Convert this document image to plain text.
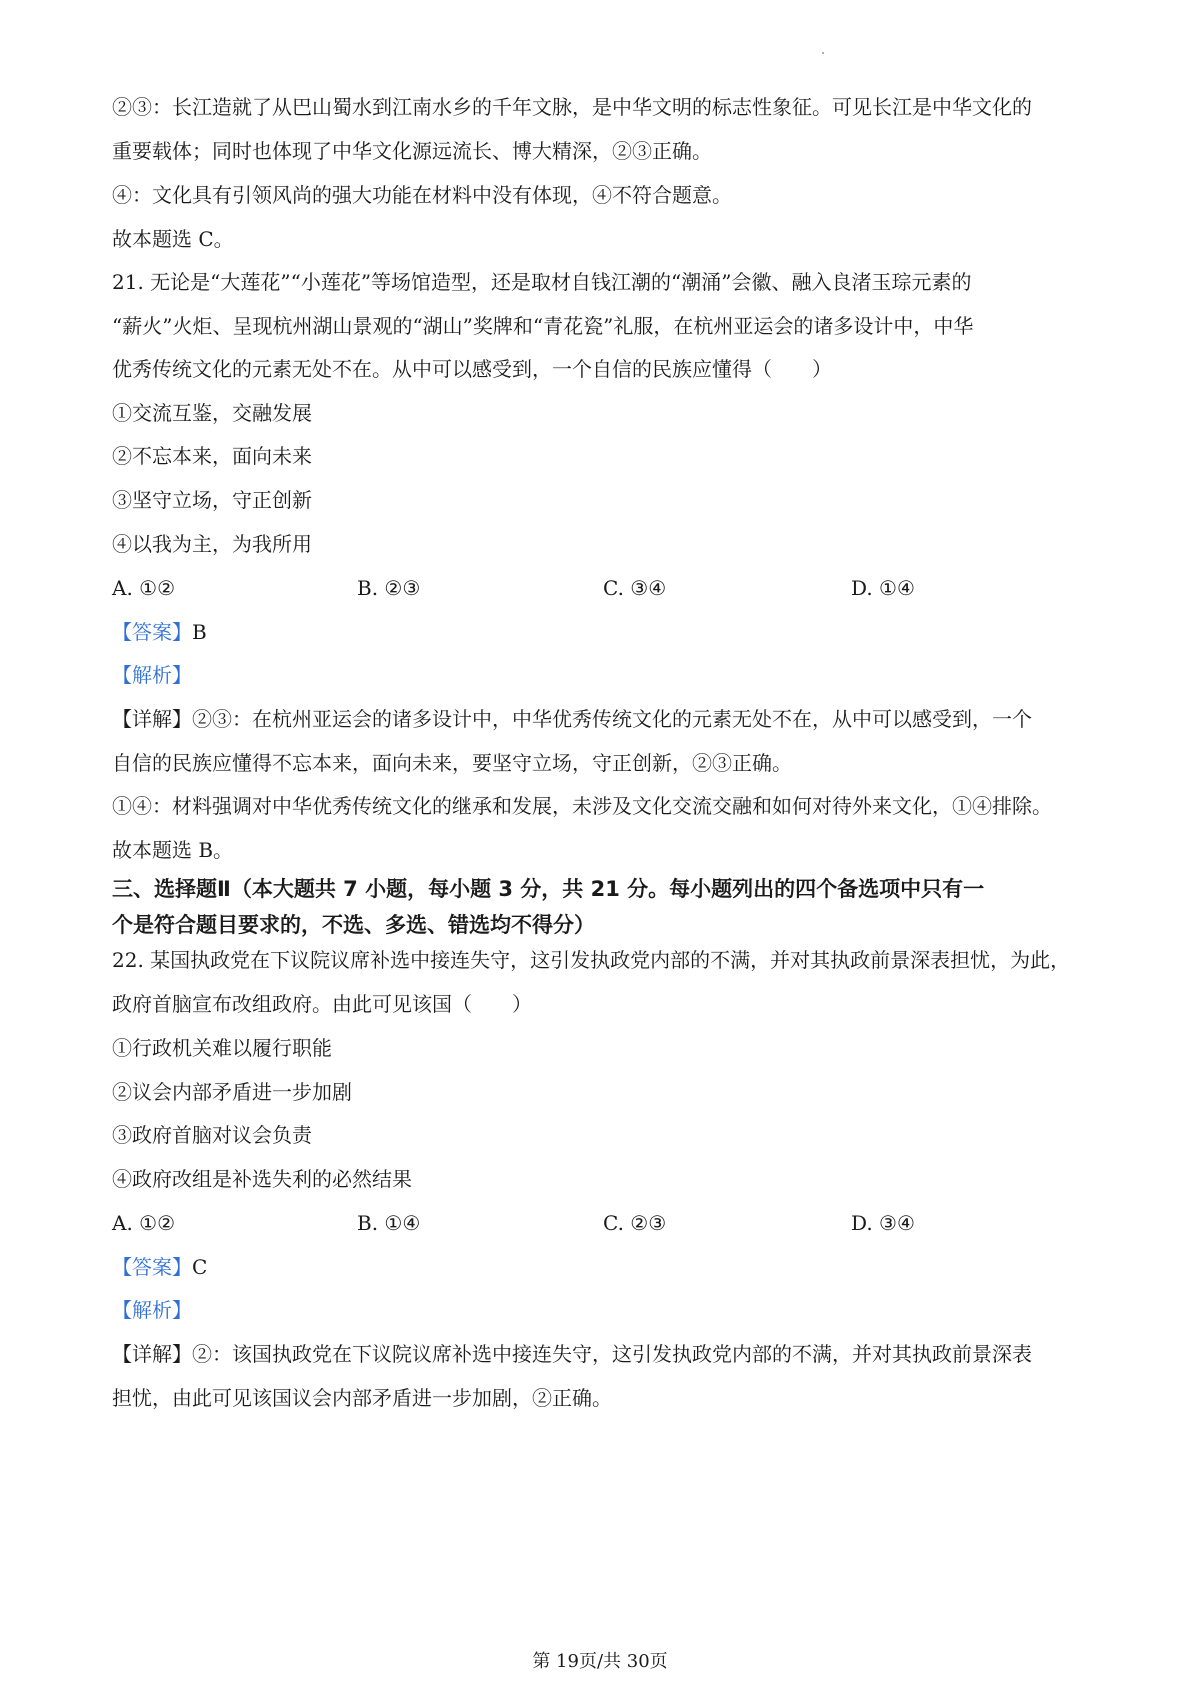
②③：长江造就了从巴山蜀水到江南水乡的千年文脉，是中华文明的标志性象征。可见长江是中华文化的
重要载体；同时也体现了中华文化源远流长、博大精深，②③正确。
④：文化具有引领风尚的强大功能在材料中没有体现，④不符合题意。
故本题选 C。
21. 无论是“大莲花”“小莲花”等场馆造型，还是取材自钱江潮的“潮涌”会徽、融入良渚玉琮元素的
“薪火”火炬、呈现杭州湖山景观的“湖山”奖牌和“青花瓷”礼服，在杭州亚运会的诸多设计中，中华
优秀传统文化的元素无处不在。从中可以感受到，一个自信的民族应懂得（　　）
①交流互鉴，交融发展
②不忘本来，面向未来
③坚守立场，守正创新
④以我为主，为我所用
A. ①②	B. ②③	C. ③④	D. ①④
【答案】B
【解析】
【详解】②③：在杭州亚运会的诸多设计中，中华优秀传统文化的元素无处不在，从中可以感受到，一个
自信的民族应懂得不忘本来，面向未来，要坚守立场，守正创新，②③正确。
①④：材料强调对中华优秀传统文化的继承和发展，未涉及文化交流交融和如何对待外来文化，①④排除。
故本题选 B。
三、选择题Ⅱ（本大题共 7 小题，每小题 3 分，共 21 分。每小题列出的四个备选项中只有一
个是符合题目要求的，不选、多选、错选均不得分）
22. 某国执政党在下议院议席补选中接连失守，这引发执政党内部的不满，并对其执政前景深表担忧，为此，
政府首脑宣布改组政府。由此可见该国（　　）
①行政机关难以履行职能
②议会内部矛盾进一步加剧
③政府首脑对议会负责
④政府改组是补选失利的必然结果
A. ①②	B. ①④	C. ②③	D. ③④
【答案】C
【解析】
【详解】②：该国执政党在下议院议席补选中接连失守，这引发执政党内部的不满，并对其执政前景深表
担忧，由此可见该国议会内部矛盾进一步加剧，②正确。
第 19页/共 30页
